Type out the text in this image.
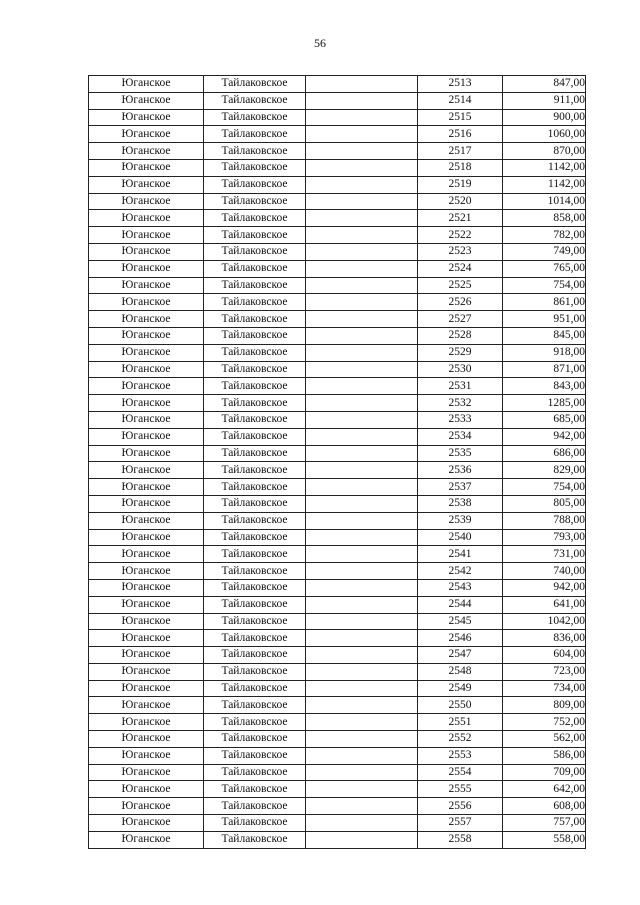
56
Юганское	Тайлаковское		2513	847,00
Юганское	Тайлаковское		2514	911,00
Юганское	Тайлаковское		2515	900,00
Юганское	Тайлаковское		2516	1060,00
Юганское	Тайлаковское		2517	870,00
Юганское	Тайлаковское		2518	1142,00
Юганское	Тайлаковское		2519	1142,00
Юганское	Тайлаковское		2520	1014,00
Юганское	Тайлаковское		2521	858,00
Юганское	Тайлаковское		2522	782,00
Юганское	Тайлаковское		2523	749,00
Юганское	Тайлаковское		2524	765,00
Юганское	Тайлаковское		2525	754,00
Юганское	Тайлаковское		2526	861,00
Юганское	Тайлаковское		2527	951,00
Юганское	Тайлаковское		2528	845,00
Юганское	Тайлаковское		2529	918,00
Юганское	Тайлаковское		2530	871,00
Юганское	Тайлаковское		2531	843,00
Юганское	Тайлаковское		2532	1285,00
Юганское	Тайлаковское		2533	685,00
Юганское	Тайлаковское		2534	942,00
Юганское	Тайлаковское		2535	686,00
Юганское	Тайлаковское		2536	829,00
Юганское	Тайлаковское		2537	754,00
Юганское	Тайлаковское		2538	805,00
Юганское	Тайлаковское		2539	788,00
Юганское	Тайлаковское		2540	793,00
Юганское	Тайлаковское		2541	731,00
Юганское	Тайлаковское		2542	740,00
Юганское	Тайлаковское		2543	942,00
Юганское	Тайлаковское		2544	641,00
Юганское	Тайлаковское		2545	1042,00
Юганское	Тайлаковское		2546	836,00
Юганское	Тайлаковское		2547	604,00
Юганское	Тайлаковское		2548	723,00
Юганское	Тайлаковское		2549	734,00
Юганское	Тайлаковское		2550	809,00
Юганское	Тайлаковское		2551	752,00
Юганское	Тайлаковское		2552	562,00
Юганское	Тайлаковское		2553	586,00
Юганское	Тайлаковское		2554	709,00
Юганское	Тайлаковское		2555	642,00
Юганское	Тайлаковское		2556	608,00
Юганское	Тайлаковское		2557	757,00
Юганское	Тайлаковское		2558	558,00
